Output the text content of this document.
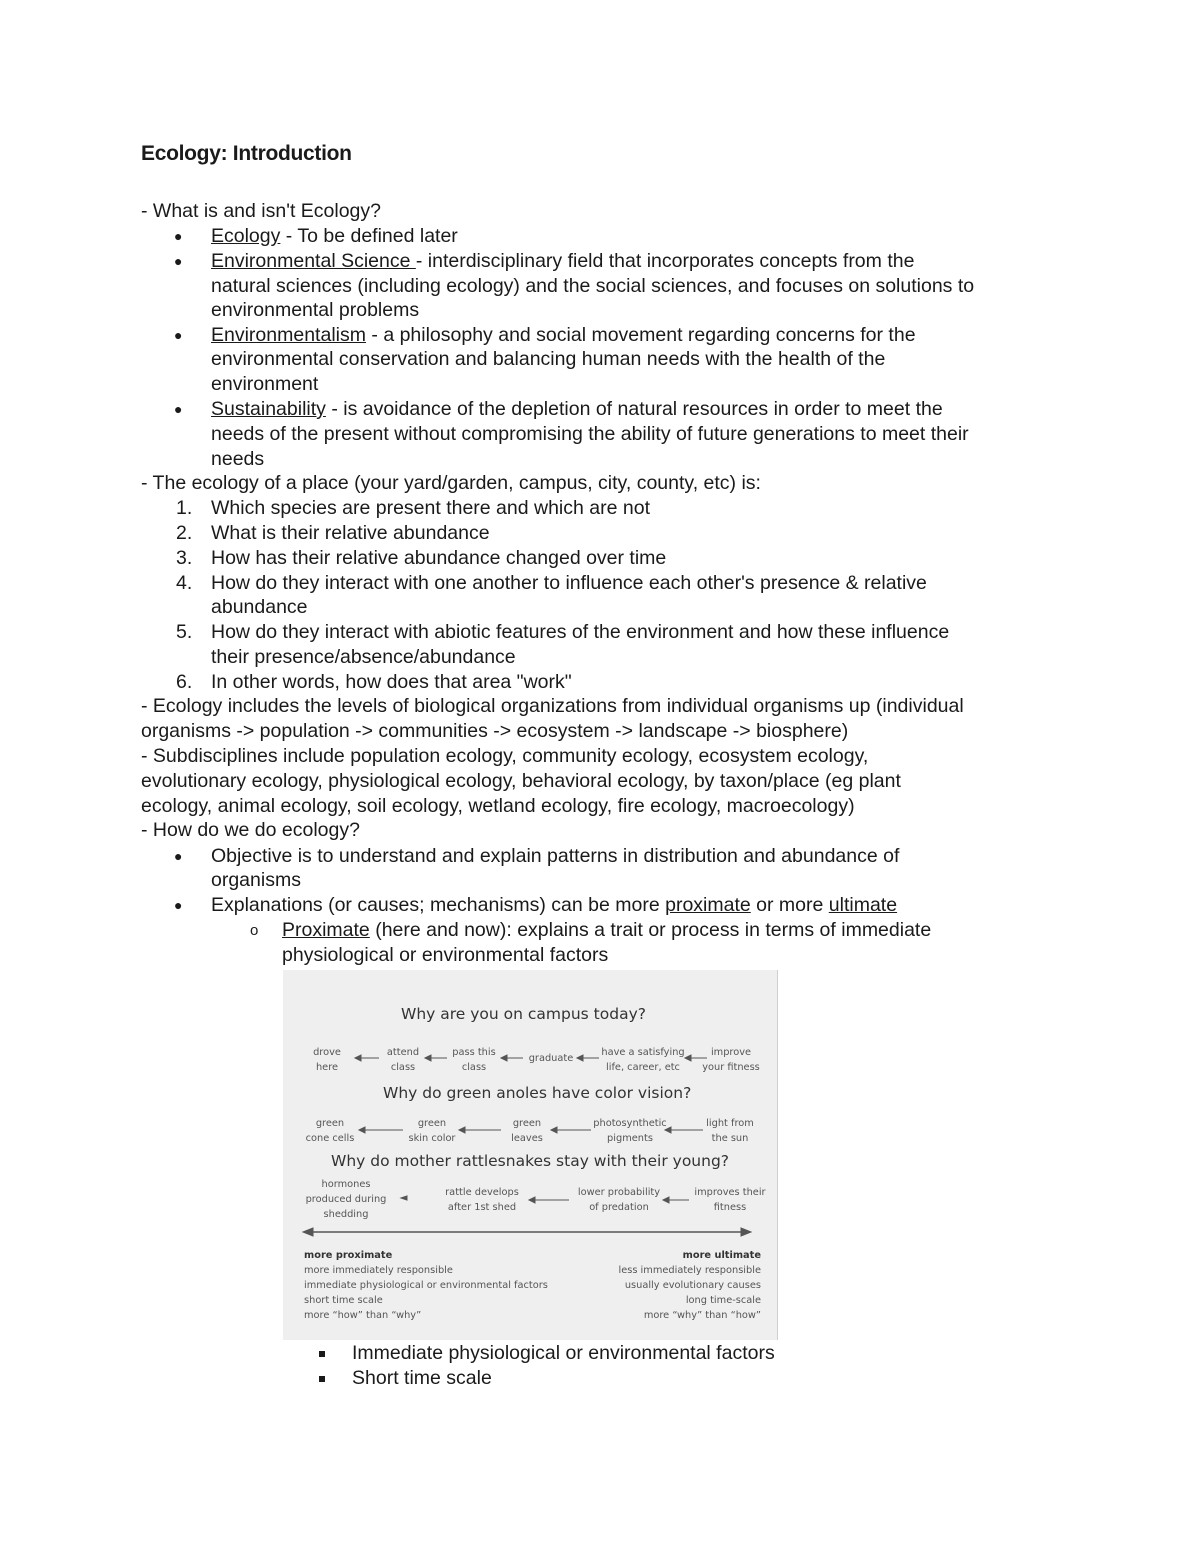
Ecology: Introduction
- What is and isn't Ecology?
● Ecology - To be defined later
● Environmental Science - interdisciplinary field that incorporates concepts from the
natural sciences (including ecology) and the social sciences, and focuses on solutions to
environmental problems
● Environmentalism - a philosophy and social movement regarding concerns for the
environmental conservation and balancing human needs with the health of the
environment
● Sustainability - is avoidance of the depletion of natural resources in order to meet the
needs of the present without compromising the ability of future generations to meet their
needs
- The ecology of a place (your yard/garden, campus, city, county, etc) is:
1. Which species are present there and which are not
2. What is their relative abundance
3. How has their relative abundance changed over time
4. How do they interact with one another to influence each other's presence & relative
abundance
5. How do they interact with abiotic features of the environment and how these influence
their presence/absence/abundance
6. In other words, how does that area "work"
- Ecology includes the levels of biological organizations from individual organisms up (individual
organisms -> population -> communities -> ecosystem -> landscape -> biosphere)
- Subdisciplines include population ecology, community ecology, ecosystem ecology,
evolutionary ecology, physiological ecology, behavioral ecology, by taxon/place (eg plant
ecology, animal ecology, soil ecology, wetland ecology, fire ecology, macroecology)
- How do we do ecology?
● Objective is to understand and explain patterns in distribution and abundance of
organisms
● Explanations (or causes; mechanisms) can be more proximate or more ultimate
o Proximate (here and now): explains a trait or process in terms of immediate
physiological or environmental factors
Why are you on campus today?
drove
here
attend
class
pass this
class
graduate
have a satisfying
life, career, etc
improve
your fitness
Why do green anoles have color vision?
green
cone cells
green
skin color
green
leaves
photosynthetic
pigments
light from
the sun
Why do mother rattlesnakes stay with their young?
hormones
produced during
shedding
rattle develops
after 1st shed
lower probability
of predation
improves their
fitness
more proximate
more immediately responsible
immediate physiological or environmental factors
short time scale
more “how” than “why”
more ultimate
less immediately responsible
usually evolutionary causes
long time-scale
more “why” than “how”
Immediate physiological or environmental factors
Short time scale
